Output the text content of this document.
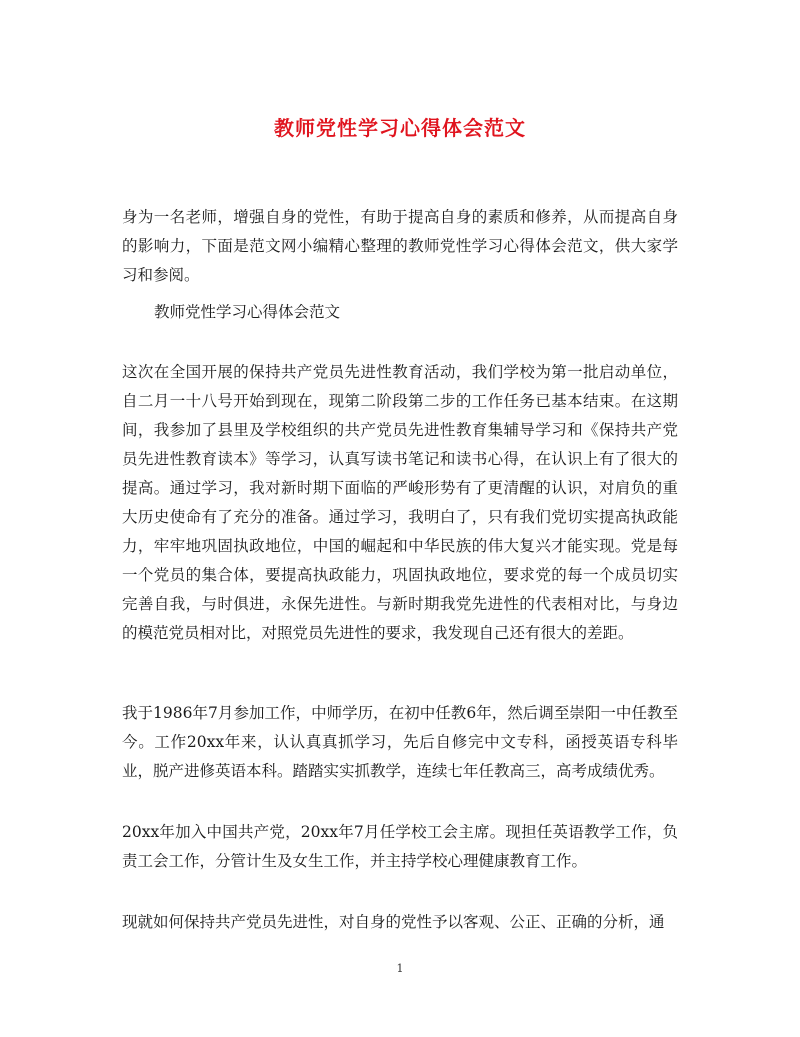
教师党性学习心得体会范文

身为一名老师，增强自身的党性，有助于提高自身的素质和修养，从而提高自身的影响力，下面是范文网小编精心整理的教师党性学习心得体会范文，供大家学习和参阅。

教师党性学习心得体会范文

这次在全国开展的保持共产党员先进性教育活动，我们学校为第一批启动单位，自二月一十八号开始到现在，现第二阶段第二步的工作任务已基本结束。在这期间，我参加了县里及学校组织的共产党员先进性教育集辅导学习和《保持共产党员先进性教育读本》等学习，认真写读书笔记和读书心得，在认识上有了很大的提高。通过学习，我对新时期下面临的严峻形势有了更清醒的认识，对肩负的重大历史使命有了充分的准备。通过学习，我明白了，只有我们党切实提高执政能力，牢牢地巩固执政地位，中国的崛起和中华民族的伟大复兴才能实现。党是每一个党员的集合体，要提高执政能力，巩固执政地位，要求党的每一个成员切实完善自我，与时俱进，永保先进性。与新时期我党先进性的代表相对比，与身边的模范党员相对比，对照党员先进性的要求，我发现自己还有很大的差距。

我于1986年7月参加工作，中师学历，在初中任教6年，然后调至崇阳一中任教至今。工作20xx年来，认认真真抓学习，先后自修完中文专科，函授英语专科毕业，脱产进修英语本科。踏踏实实抓教学，连续七年任教高三，高考成绩优秀。

20xx年加入中国共产党，20xx年7月任学校工会主席。现担任英语教学工作，负责工会工作，分管计生及女生工作，并主持学校心理健康教育工作。

现就如何保持共产党员先进性，对自身的党性予以客观、公正、正确的分析，通

1
